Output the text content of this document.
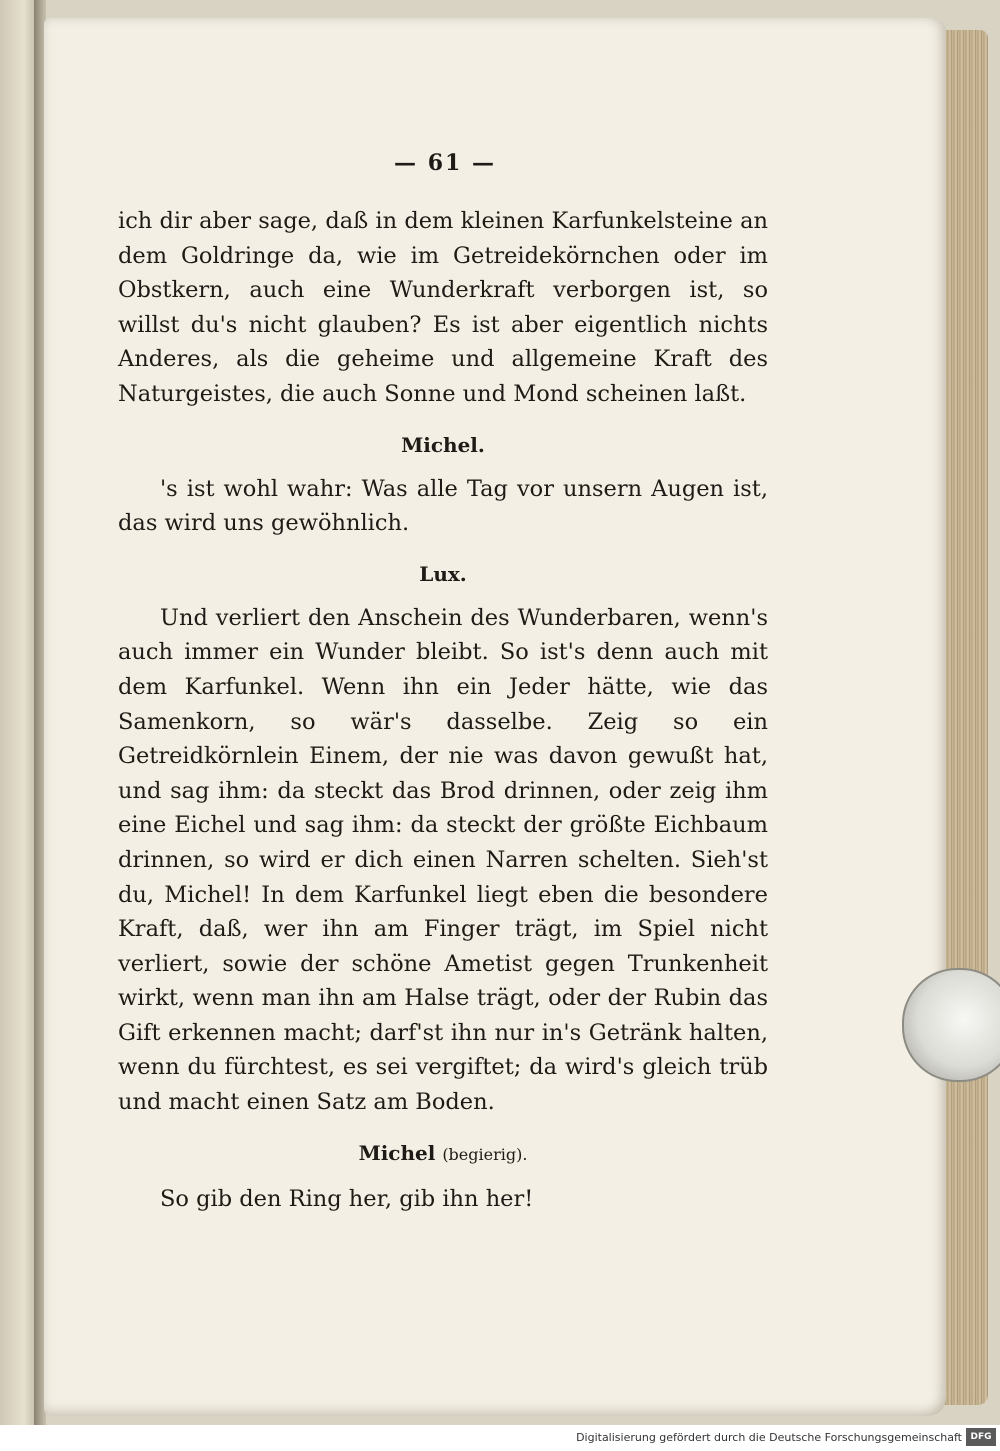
— 61 —

ich dir aber sage, daß in dem kleinen Karfunkelsteine an dem Goldringe da, wie im Getreidekörnchen oder im Obstkern, auch eine Wunderkraft verborgen ist, so willst du's nicht glauben? Es ist aber eigentlich nichts Anderes, als die geheime und allgemeine Kraft des Naturgeistes, die auch Sonne und Mond scheinen laßt.

Michel.

's ist wohl wahr: Was alle Tag vor unsern Augen ist, das wird uns gewöhnlich.

Lux.

Und verliert den Anschein des Wunderbaren, wenn's auch immer ein Wunder bleibt. So ist's denn auch mit dem Karfunkel. Wenn ihn ein Jeder hätte, wie das Samenkorn, so wär's dasselbe. Zeig so ein Getreidkörnlein Einem, der nie was davon gewußt hat, und sag ihm: da steckt das Brod drinnen, oder zeig ihm eine Eichel und sag ihm: da steckt der größte Eichbaum drinnen, so wird er dich einen Narren schelten. Sieh'st du, Michel! In dem Karfunkel liegt eben die besondere Kraft, daß, wer ihn am Finger trägt, im Spiel nicht verliert, sowie der schöne Ametist gegen Trunkenheit wirkt, wenn man ihn am Halse trägt, oder der Rubin das Gift erkennen macht; darf'st ihn nur in's Getränk halten, wenn du fürchtest, es sei vergiftet; da wird's gleich trüb und macht einen Satz am Boden.

Michel (begierig).

So gib den Ring her, gib ihn her!

Digitalisierung gefördert durch die Deutsche Forschungsgemeinschaft DFG
